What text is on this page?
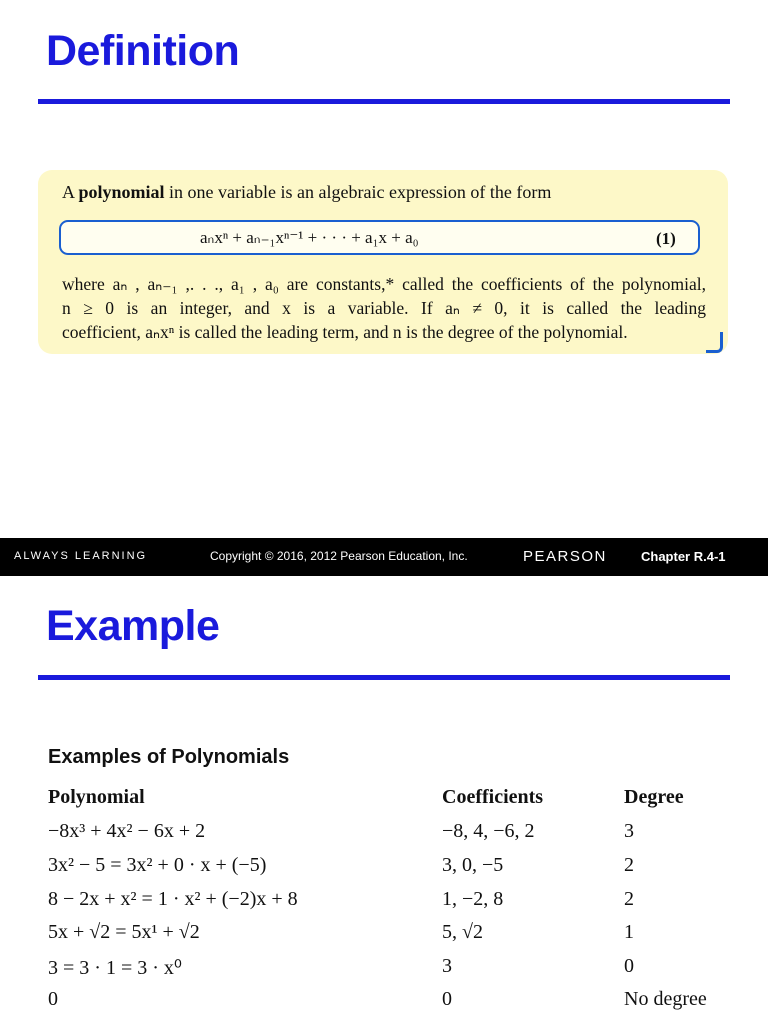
Definition
A polynomial in one variable is an algebraic expression of the form
aₙxⁿ + aₙ₋₁xⁿ⁻¹ + · · · + a₁x + a₀	(1)
where aₙ , aₙ₋₁ ,. . ., a₁ , a₀ are constants,* called the coefficients of the polynomial,
n ≥ 0 is an integer, and x is a variable. If aₙ ≠ 0, it is called the leading
coefficient, aₙxⁿ is called the leading term, and n is the degree of the polynomial.
ALWAYS LEARNING	Copyright © 2016, 2012 Pearson Education, Inc.	PEARSON	Chapter R.4-1
Example
Examples of Polynomials
Polynomial	Coefficients	Degree
−8x³ + 4x² − 6x + 2	−8, 4, −6, 2	3
3x² − 5 = 3x² + 0 · x + (−5)	3, 0, −5	2
8 − 2x + x² = 1 · x² + (−2)x + 8	1, −2, 8	2
5x + √2 = 5x¹ + √2	5, √2	1
3 = 3 · 1 = 3 · x⁰	3	0
0	0	No degree
